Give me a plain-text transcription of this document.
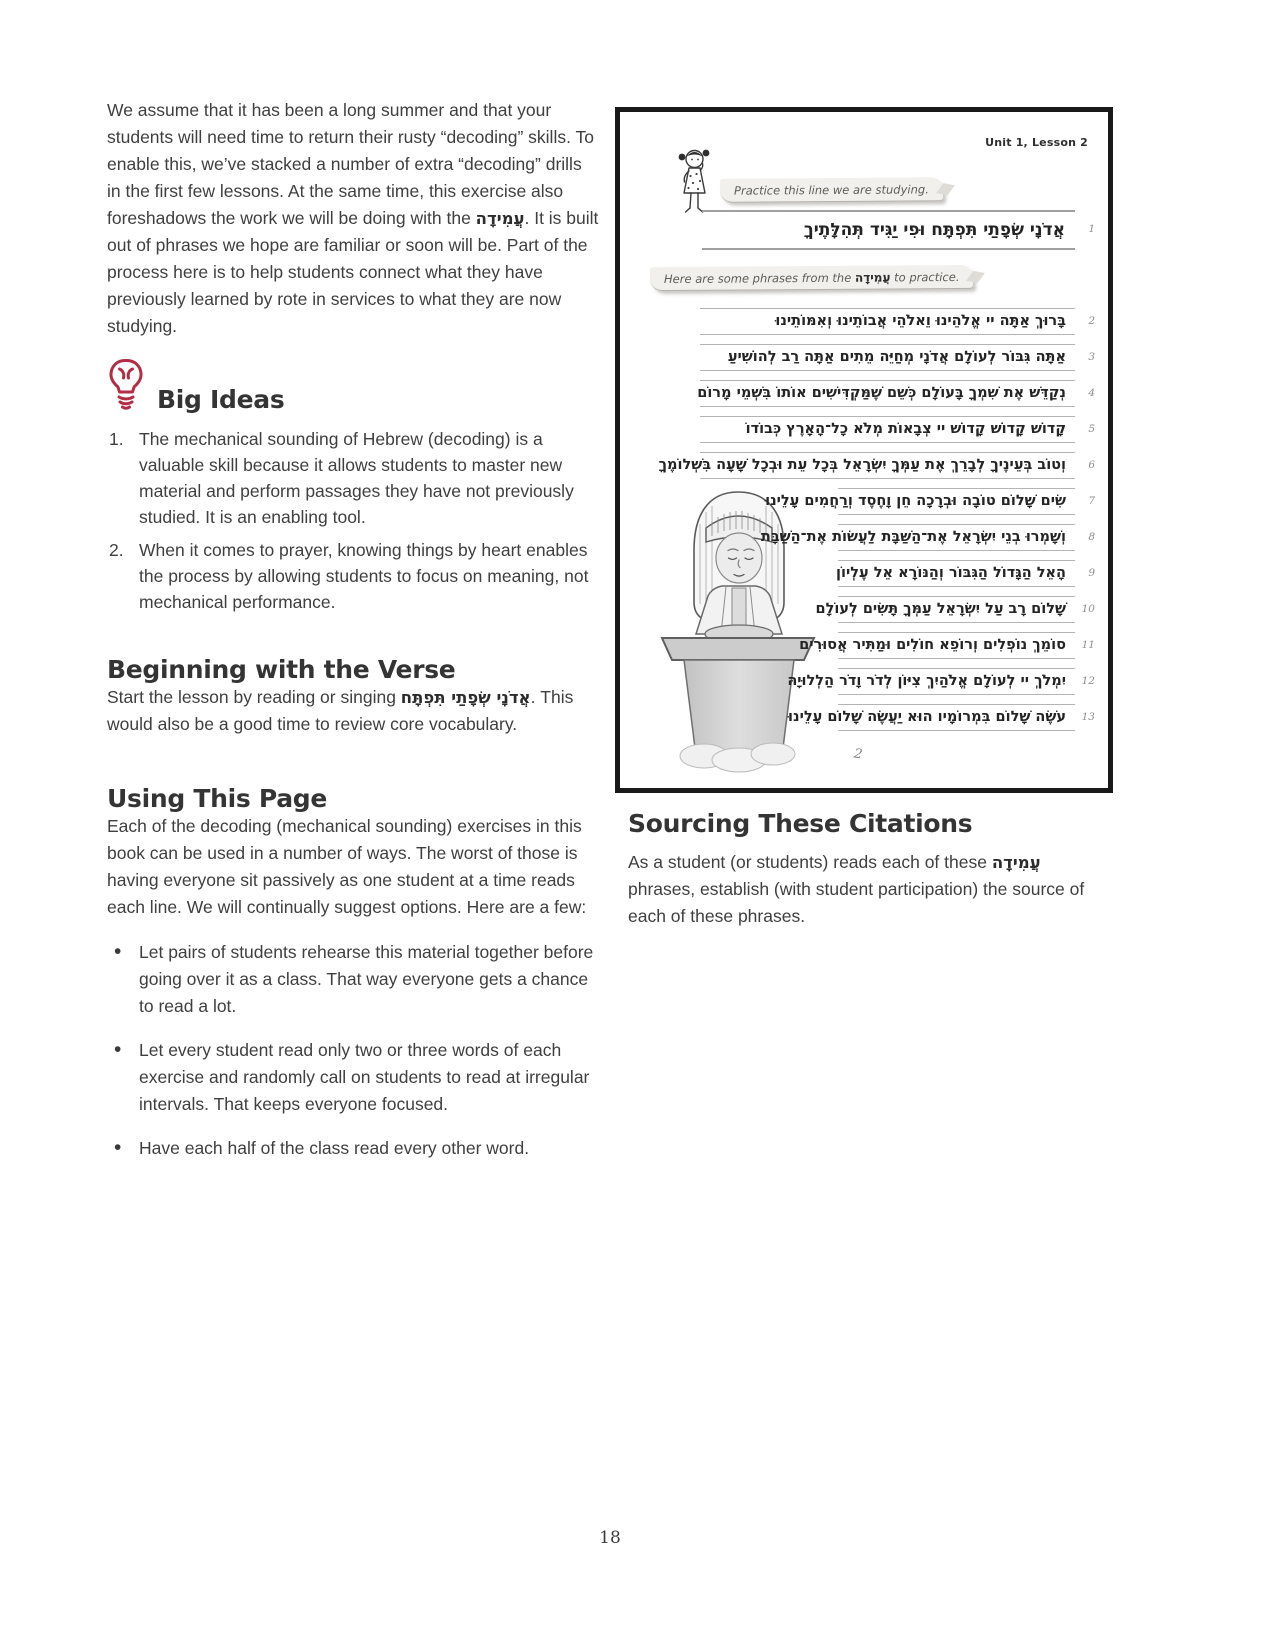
We assume that it has been a long summer and that your students will need time to return their rusty “decoding” skills. To enable this, we’ve stacked a number of extra “decoding” drills in the first few lessons. At the same time, this exercise also foreshadows the work we will be doing with the עֲמִידָה. It is built out of phrases we hope are familiar or soon will be. Part of the process here is to help students connect what they have previously learned by rote in services to what they are now studying.

Big Ideas
1. The mechanical sounding of Hebrew (decoding) is a valuable skill because it allows students to master new material and perform passages they have not previously studied. It is an enabling tool.
2. When it comes to prayer, knowing things by heart enables the process by allowing students to focus on meaning, not mechanical performance.
Beginning with the Verse

Start the lesson by reading or singing אֲדֹנָי שְׂפָתַי תִּפְתָּח. This would also be a good time to review core vocabulary.

Using This Page

Each of the decoding (mechanical sounding) exercises in this book can be used in a number of ways. The worst of those is having everyone sit passively as one student at a time reads each line. We will continually suggest options. Here are a few:

• Let pairs of students rehearse this material together before going over it as a class. That way everyone gets a chance to read a lot.
• Let every student read only two or three words of each exercise and randomly call on students to read at irregular intervals. That keeps everyone focused.
• Have each half of the class read every other word.
Unit 1, Lesson 2
Practice this line we are studying.
אֲדֹנָי שְׂפָתַי תִּפְתָּח וּפִי יַגִּיד תְּהִלָּתֶיךָ	1
Here are some phrases from the עֲמִידָה to practice.
בָּרוּךְ אַתָּה יי אֱלֹהֵינוּ וֵאלֹהֵי אֲבוֹתֵינוּ וְאִמּוֹתֵינוּ	2
אַתָּה גִּבּוֹר לְעוֹלָם אֲדֹנָי מְחַיֵּה מֵתִים אַתָּה רַב לְהוֹשִׁיעַ	3
נְקַדֵּשׁ אֶת שִׁמְךָ בָּעוֹלָם כְּשֵׁם שֶׁמַּקְדִּישִׁים אוֹתוֹ בִּשְׁמֵי מָרוֹם	4
קָדוֹשׁ קָדוֹשׁ קָדוֹשׁ יי צְבָאוֹת מְלֹא כָל־הָאָרֶץ כְּבוֹדוֹ	5
וְטוֹב בְּעֵינֶיךָ לְבָרֵךְ אֶת עַמְּךָ יִשְׂרָאֵל בְּכָל עֵת וּבְכָל שָׁעָה בִּשְׁלוֹמֶךָ	6
שִׂים שָׁלוֹם טוֹבָה וּבְרָכָה חֵן וָחֶסֶד וְרַחֲמִים עָלֵינוּ	7
וְשָׁמְרוּ בְנֵי יִשְׂרָאֵל אֶת־הַשַּׁבָּת לַעֲשׂוֹת אֶת־הַשַּׁבָּת	8
הָאֵל הַגָּדוֹל הַגִּבּוֹר וְהַנּוֹרָא אֵל עֶלְיוֹן	9
שָׁלוֹם רָב עַל יִשְׂרָאֵל עַמְּךָ תָּשִׂים לְעוֹלָם	10
סוֹמֵךְ נוֹפְלִים וְרוֹפֵא חוֹלִים וּמַתִּיר אֲסוּרִים	11
יִמְלֹךְ יי לְעוֹלָם אֱלֹהַיִךְ צִיּוֹן לְדֹר וָדֹר הַלְלוּיָהּ	12
עֹשֶׂה שָׁלוֹם בִּמְרוֹמָיו הוּא יַעֲשֶׂה שָׁלוֹם עָלֵינוּ	13
2
Sourcing These Citations

As a student (or students) reads each of these עֲמִידָה phrases, establish (with student participation) the source of each of these phrases.

18
